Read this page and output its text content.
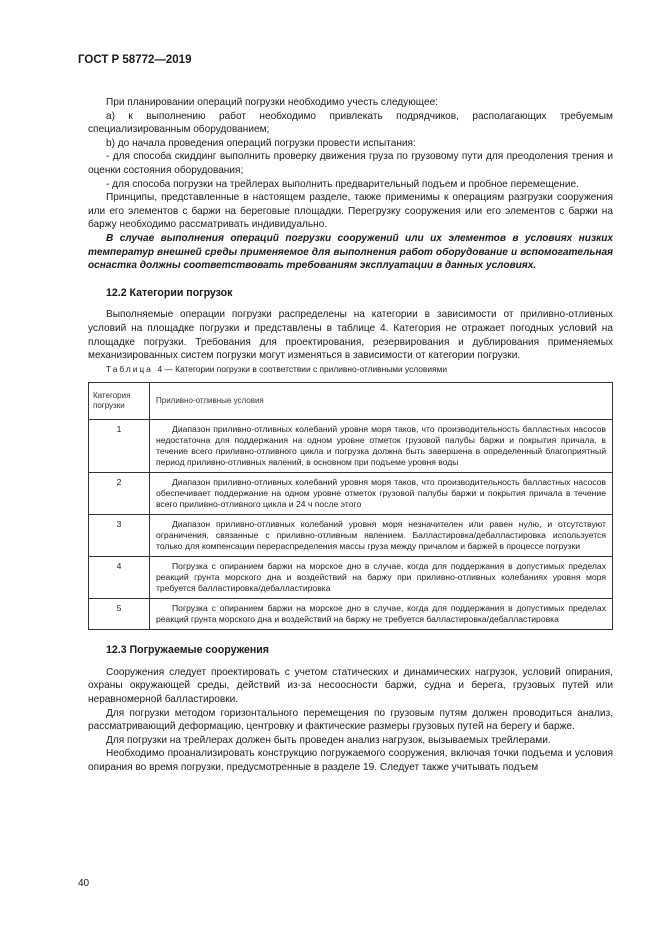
ГОСТ Р 58772—2019

При планировании операций погрузки необходимо учесть следующее:

a) к выполнению работ необходимо привлекать подрядчиков, располагающих требуемым специализированным оборудованием;

b) до начала проведения операций погрузки провести испытания:

- для способа скиддинг выполнить проверку движения груза по грузовому пути для преодоления трения и оценки состояния оборудования;

- для способа погрузки на трейлерах выполнить предварительный подъем и пробное перемещение.

Принципы, представленные в настоящем разделе, также применимы к операциям разгрузки сооружения или его элементов с баржи на береговые площадки. Перегрузку сооружения или его элементов с баржи на баржу необходимо рассматривать индивидуально.

В случае выполнения операций погрузки сооружений или их элементов в условиях низких температур внешней среды применяемое для выполнения работ оборудование и вспомогательная оснастка должны соответствовать требованиям эксплуатации в данных условиях.

12.2 Категории погрузок

Выполняемые операции погрузки распределены на категории в зависимости от приливно-отливных условий на площадке погрузки и представлены в таблице 4. Категория не отражает погодных условий на площадке погрузки. Требования для проектирования, резервирования и дублирования применяемых механизированных систем погрузки могут изменяться в зависимости от категории погрузки.

Таблица 4 — Категории погрузки в соответствии с приливно-отливными условиями

Категория погрузки	Приливно-отливные условия
1	Диапазон приливно-отливных колебаний уровня моря таков, что производительность балластных насосов недостаточна для поддержания на одном уровне отметок грузовой палубы баржи и покрытия причала, в течение всего приливно-отливного цикла и погрузка должна быть завершена в определенный благоприятный период приливно-отливных явлений, в основном при подъеме уровня воды
2	Диапазон приливно-отливных колебаний уровня моря таков, что производительность балластных насосов обеспечивает поддержание на одном уровне отметок грузовой палубы баржи и покрытия причала в течение всего приливно-отливного цикла и 24 ч после этого
3	Диапазон приливно-отливных колебаний уровня моря незначителен или равен нулю, и отсутствуют ограничения, связанные с приливно-отливным явлением. Балластировка/дебалластировка используется только для компенсации перераспределения массы груза между причалом и баржей в процессе погрузки
4	Погрузка с опиранием баржи на морское дно в случае, когда для поддержания в допустимых пределах реакций грунта морского дна и воздействий на баржу при приливно-отливных колебаниях уровня моря требуется балластировка/дебалластировка
5	Погрузка с опиранием баржи на морское дно в случае, когда для поддержания в допустимых пределах реакций грунта морского дна и воздействий на баржу не требуется балластировка/дебалластировка
12.3 Погружаемые сооружения

Сооружения следует проектировать с учетом статических и динамических нагрузок, условий опирания, охраны окружающей среды, действий из-за несоосности баржи, судна и берега, грузовых путей или неравномерной балластировки.

Для погрузки методом горизонтального перемещения по грузовым путям должен проводиться анализ, рассматривающий деформацию, центровку и фактические размеры грузовых путей на берегу и барже.

Для погрузки на трейлерах должен быть проведен анализ нагрузок, вызываемых трейлерами.

Необходимо проанализировать конструкцию погружаемого сооружения, включая точки подъема и условия опирания во время погрузки, предусмотренные в разделе 19. Следует также учитывать подъем

40
